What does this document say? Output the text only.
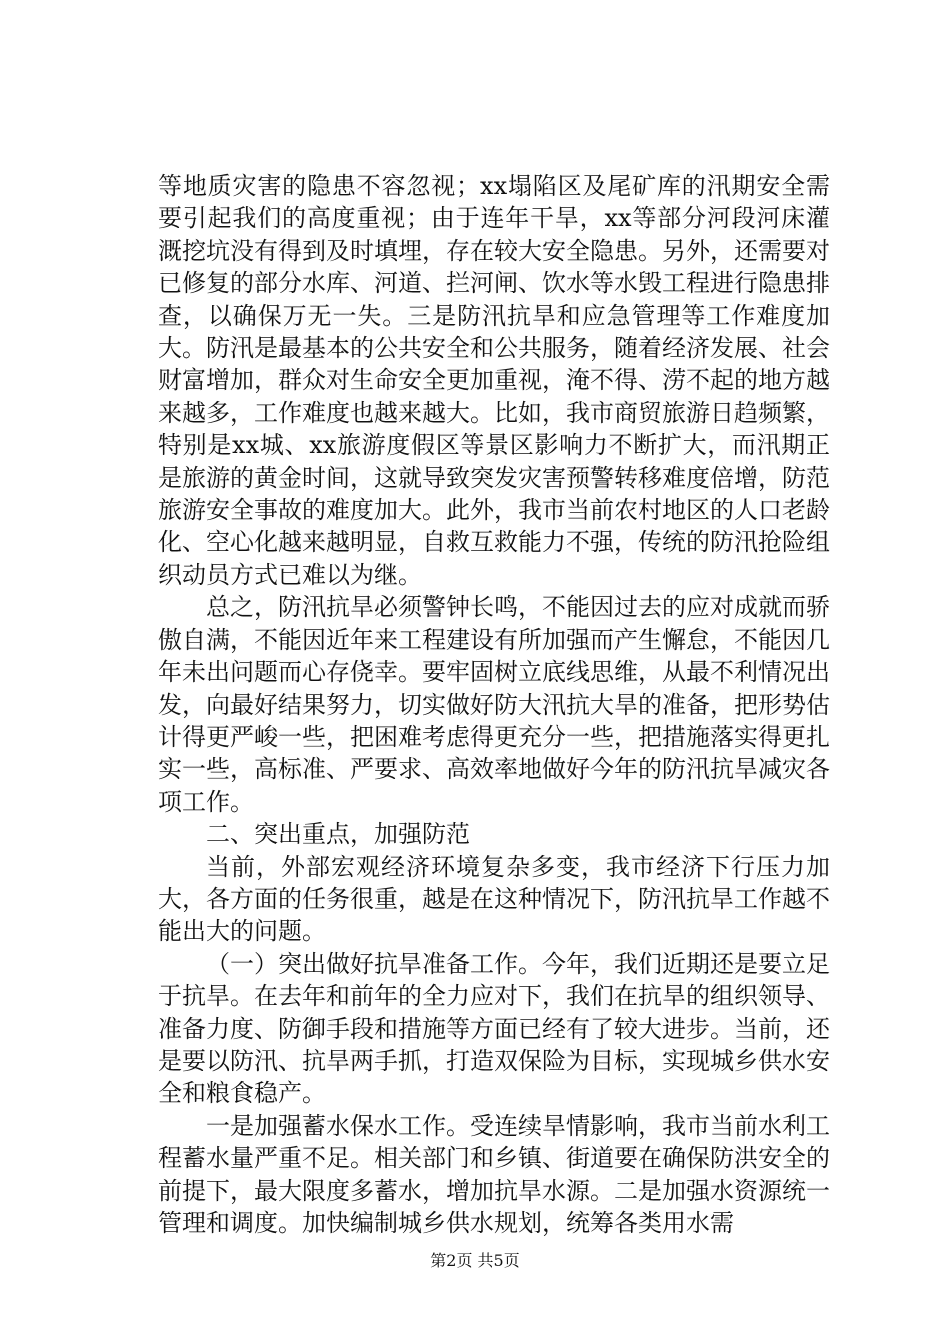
等地质灾害的隐患不容忽视；xx塌陷区及尾矿库的汛期安全需要引起我们的高度重视；由于连年干旱，xx等部分河段河床灌溉挖坑没有得到及时填埋，存在较大安全隐患。另外，还需要对已修复的部分水库、河道、拦河闸、饮水等水毁工程进行隐患排查，以确保万无一失。三是防汛抗旱和应急管理等工作难度加大。防汛是最基本的公共安全和公共服务，随着经济发展、社会财富增加，群众对生命安全更加重视，淹不得、涝不起的地方越来越多，工作难度也越来越大。比如，我市商贸旅游日趋频繁，特别是xx城、xx旅游度假区等景区影响力不断扩大，而汛期正是旅游的黄金时间，这就导致突发灾害预警转移难度倍增，防范旅游安全事故的难度加大。此外，我市当前农村地区的人口老龄化、空心化越来越明显，自救互救能力不强，传统的防汛抢险组织动员方式已难以为继。

总之，防汛抗旱必须警钟长鸣，不能因过去的应对成就而骄傲自满，不能因近年来工程建设有所加强而产生懈怠，不能因几年未出问题而心存侥幸。要牢固树立底线思维，从最不利情况出发，向最好结果努力，切实做好防大汛抗大旱的准备，把形势估计得更严峻一些，把困难考虑得更充分一些，把措施落实得更扎实一些，高标准、严要求、高效率地做好今年的防汛抗旱减灾各项工作。

二、突出重点，加强防范

当前，外部宏观经济环境复杂多变，我市经济下行压力加大，各方面的任务很重，越是在这种情况下，防汛抗旱工作越不能出大的问题。

（一）突出做好抗旱准备工作。今年，我们近期还是要立足于抗旱。在去年和前年的全力应对下，我们在抗旱的组织领导、准备力度、防御手段和措施等方面已经有了较大进步。当前，还是要以防汛、抗旱两手抓，打造双保险为目标，实现城乡供水安全和粮食稳产。

一是加强蓄水保水工作。受连续旱情影响，我市当前水利工程蓄水量严重不足。相关部门和乡镇、街道要在确保防洪安全的前提下，最大限度多蓄水，增加抗旱水源。二是加强水资源统一管理和调度。加快编制城乡供水规划，统筹各类用水需

第2页 共5页
